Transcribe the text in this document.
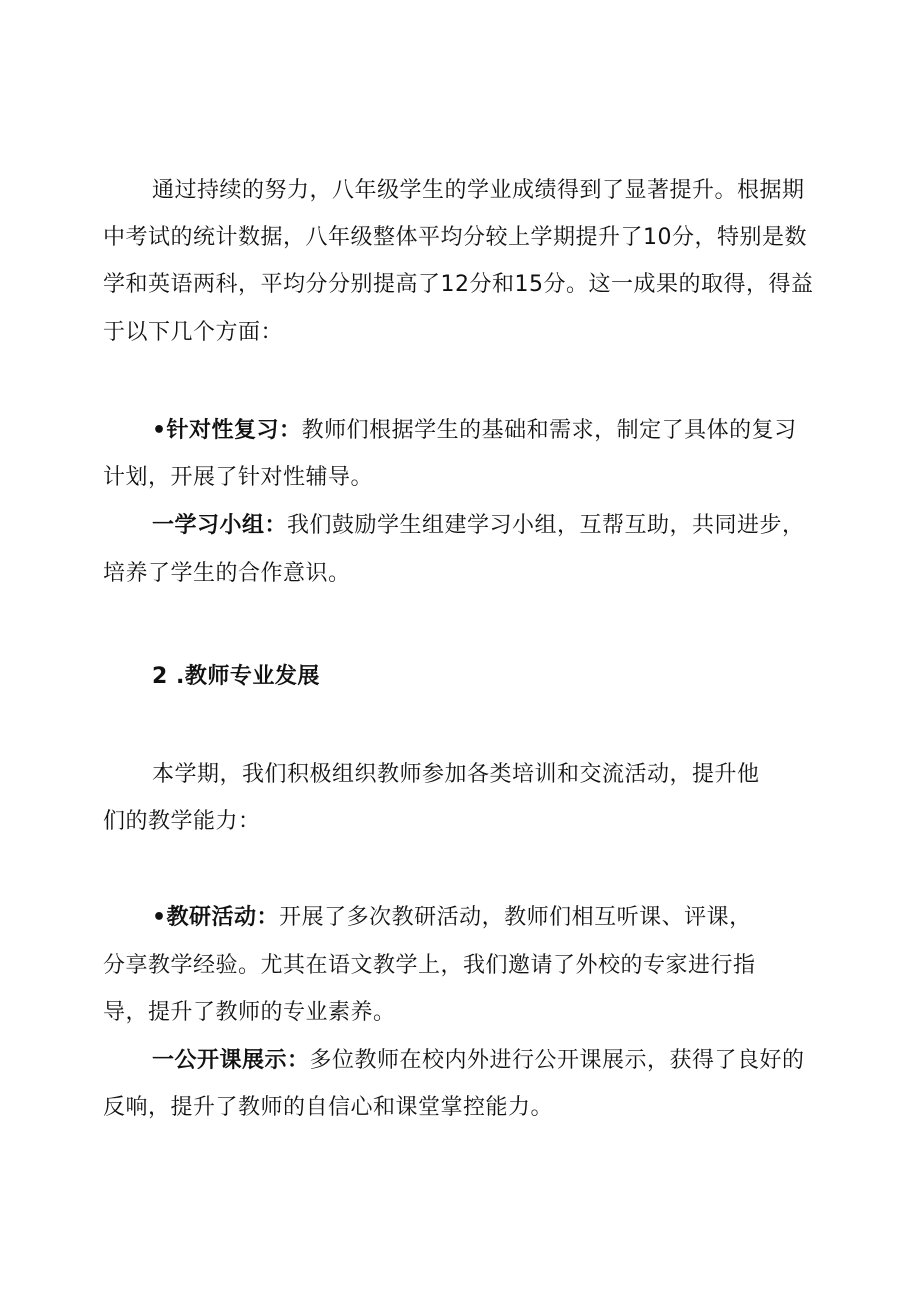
通过持续的努力，八年级学生的学业成绩得到了显著提升。根据期
中考试的统计数据，八年级整体平均分较上学期提升了10分，特别是数
学和英语两科，平均分分别提高了12分和15分。这一成果的取得，得益
于以下几个方面：
•针对性复习：教师们根据学生的基础和需求，制定了具体的复习
计划，开展了针对性辅导。
一学习小组：我们鼓励学生组建学习小组，互帮互助，共同进步，
培养了学生的合作意识。
2 .教师专业发展
本学期，我们积极组织教师参加各类培训和交流活动，提升他
们的教学能力：
•教研活动：开展了多次教研活动，教师们相互听课、评课，
分享教学经验。尤其在语文教学上，我们邀请了外校的专家进行指
导，提升了教师的专业素养。
一公开课展示：多位教师在校内外进行公开课展示，获得了良好的
反响，提升了教师的自信心和课堂掌控能力。
